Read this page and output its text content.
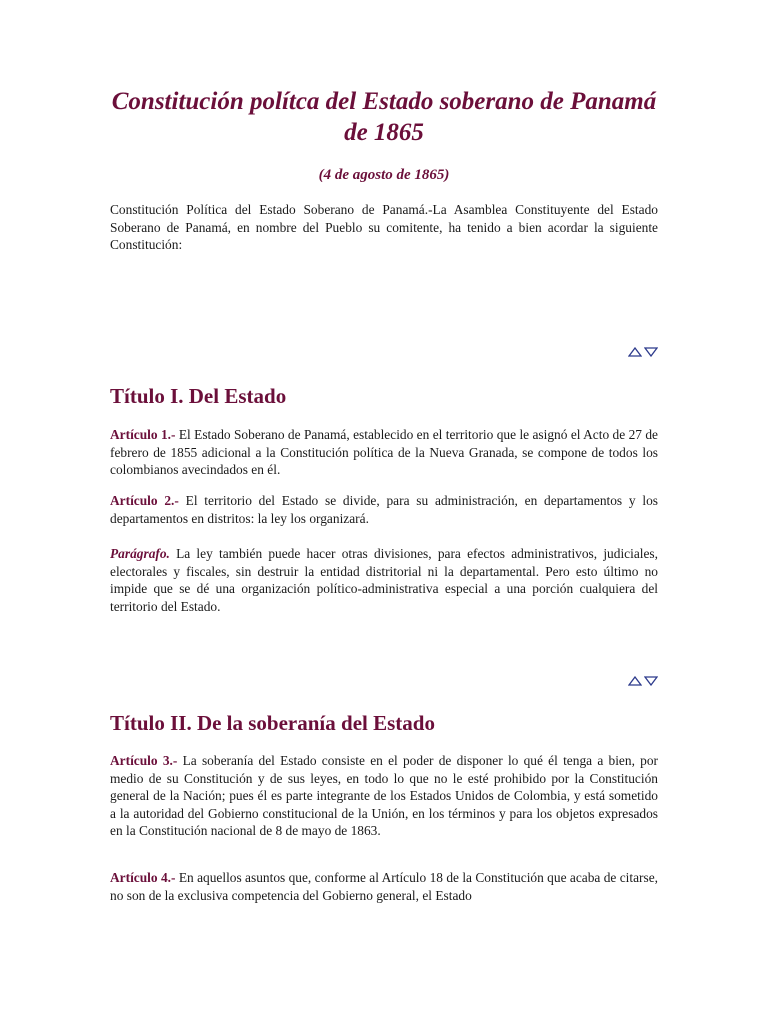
Constitución polítca del Estado soberano de Panamá de 1865

(4 de agosto de 1865)

Constitución Política del Estado Soberano de Panamá.-La Asamblea Constituyente del Estado Soberano de Panamá, en nombre del Pueblo su comitente, ha tenido a bien acordar la siguiente Constitución:

Título I. Del Estado

Artículo 1.- El Estado Soberano de Panamá, establecido en el territorio que le asignó el Acto de 27 de febrero de 1855 adicional a la Constitución política de la Nueva Granada, se compone de todos los colombianos avecindados en él.

Artículo 2.- El territorio del Estado se divide, para su administración, en departamentos y los departamentos en distritos: la ley los organizará.

Parágrafo. La ley también puede hacer otras divisiones, para efectos administrativos, judiciales, electorales y fiscales, sin destruir la entidad distritorial ni la departamental. Pero esto último no impide que se dé una organización político-administrativa especial a una porción cualquiera del territorio del Estado.

Título II. De la soberanía del Estado

Artículo 3.- La soberanía del Estado consiste en el poder de disponer lo qué él tenga a bien, por medio de su Constitución y de sus leyes, en todo lo que no le esté prohibido por la Constitución general de la Nación; pues él es parte integrante de los Estados Unidos de Colombia, y está sometido a la autoridad del Gobierno constitucional de la Unión, en los términos y para los objetos expresados en la Constitución nacional de 8 de mayo de 1863.

Artículo 4.- En aquellos asuntos que, conforme al Artículo 18 de la Constitución que acaba de citarse, no son de la exclusiva competencia del Gobierno general, el Estado
